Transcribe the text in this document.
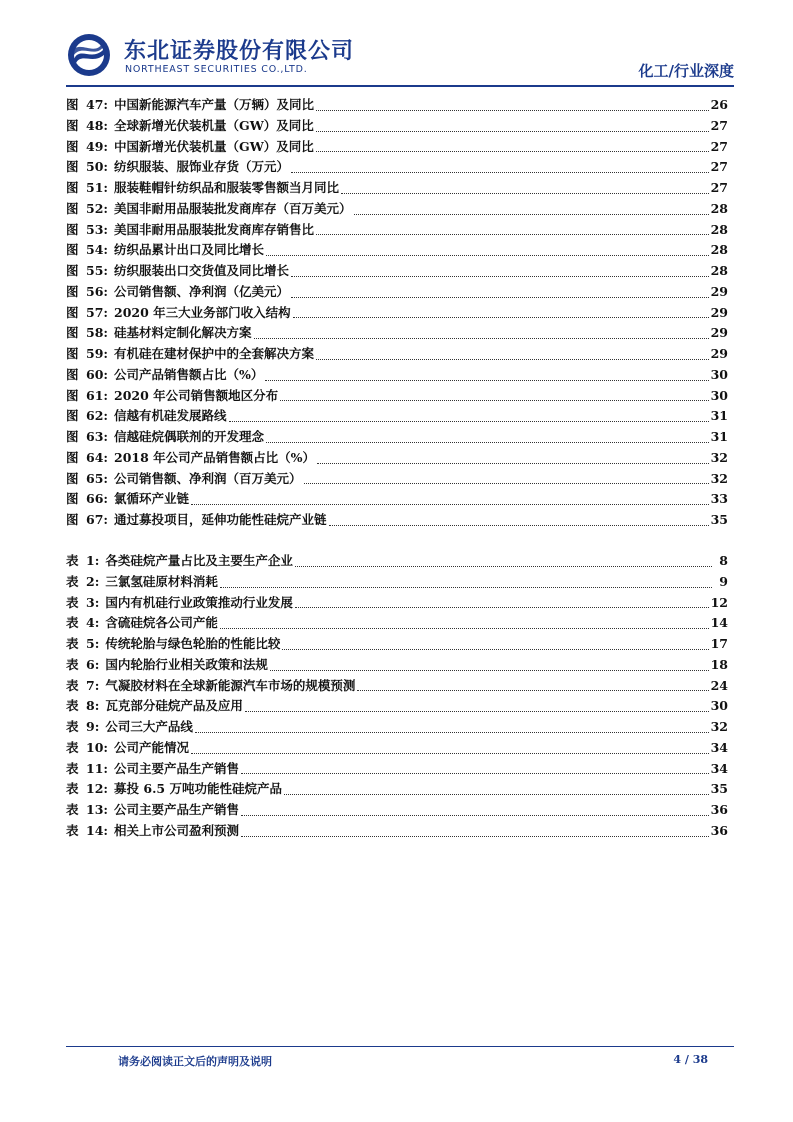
东北证券股份有限公司
NORTHEAST SECURITIES CO.,LTD.	化工/行业深度
图 47: 中国新能源汽车产量（万辆）及同比	26
图 48: 全球新增光伏装机量（GW）及同比	27
图 49: 中国新增光伏装机量（GW）及同比	27
图 50: 纺织服装、服饰业存货（万元）	27
图 51: 服装鞋帽针纺织品和服装零售额当月同比	27
图 52: 美国非耐用品服装批发商库存（百万美元）	28
图 53: 美国非耐用品服装批发商库存销售比	28
图 54: 纺织品累计出口及同比增长	28
图 55: 纺织服装出口交货值及同比增长	28
图 56: 公司销售额、净利润（亿美元）	29
图 57: 2020 年三大业务部门收入结构	29
图 58: 硅基材料定制化解决方案	29
图 59: 有机硅在建材保护中的全套解决方案	29
图 60: 公司产品销售额占比（%）	30
图 61: 2020 年公司销售额地区分布	30
图 62: 信越有机硅发展路线	31
图 63: 信越硅烷偶联剂的开发理念	31
图 64: 2018 年公司产品销售额占比（%）	32
图 65: 公司销售额、净利润（百万美元）	32
图 66: 氯循环产业链	33
图 67: 通过募投项目，延伸功能性硅烷产业链	35
表 1: 各类硅烷产量占比及主要生产企业	8
表 2: 三氯氢硅原材料消耗	9
表 3: 国内有机硅行业政策推动行业发展	12
表 4: 含硫硅烷各公司产能	14
表 5: 传统轮胎与绿色轮胎的性能比较	17
表 6: 国内轮胎行业相关政策和法规	18
表 7: 气凝胶材料在全球新能源汽车市场的规模预测	24
表 8: 瓦克部分硅烷产品及应用	30
表 9: 公司三大产品线	32
表 10: 公司产能情况	34
表 11: 公司主要产品生产销售	34
表 12: 募投 6.5 万吨功能性硅烷产品	35
表 13: 公司主要产品生产销售	36
表 14: 相关上市公司盈利预测	36
请务必阅读正文后的声明及说明	4 / 38
